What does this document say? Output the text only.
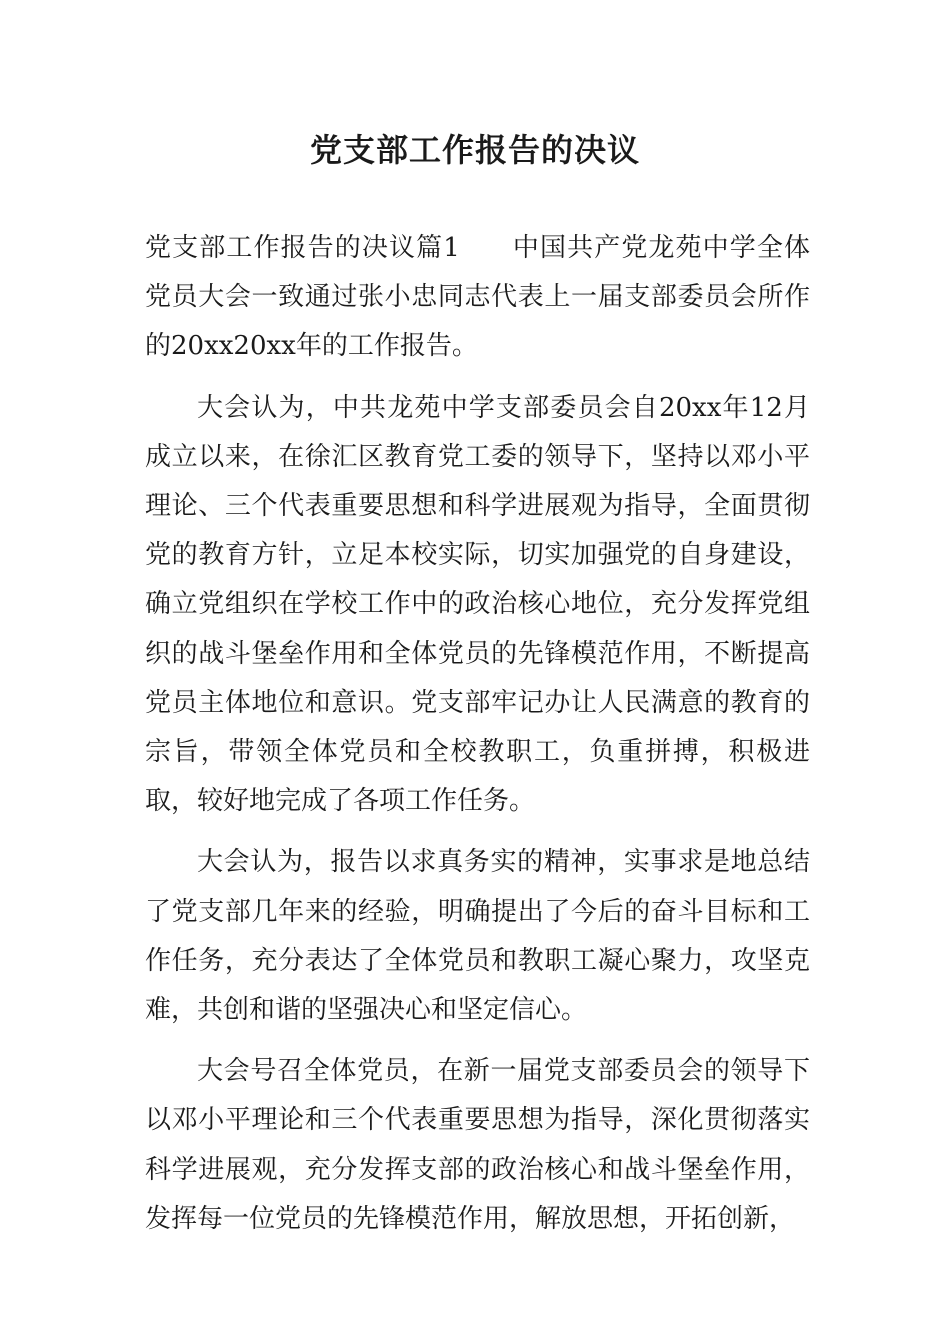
党支部工作报告的决议

党支部工作报告的决议篇1 中国共产党龙苑中学全体党员大会一致通过张小忠同志代表上一届支部委员会所作的20xx20xx年的工作报告。

大会认为，中共龙苑中学支部委员会自20xx年12月成立以来，在徐汇区教育党工委的领导下，坚持以邓小平理论、三个代表重要思想和科学进展观为指导，全面贯彻党的教育方针，立足本校实际，切实加强党的自身建设，确立党组织在学校工作中的政治核心地位，充分发挥党组织的战斗堡垒作用和全体党员的先锋模范作用，不断提高党员主体地位和意识。党支部牢记办让人民满意的教育的宗旨，带领全体党员和全校教职工，负重拼搏，积极进取，较好地完成了各项工作任务。

大会认为，报告以求真务实的精神，实事求是地总结了党支部几年来的经验，明确提出了今后的奋斗目标和工作任务，充分表达了全体党员和教职工凝心聚力，攻坚克难，共创和谐的坚强决心和坚定信心。

大会号召全体党员，在新一届党支部委员会的领导下以邓小平理论和三个代表重要思想为指导，深化贯彻落实科学进展观，充分发挥支部的政治核心和战斗堡垒作用，发挥每一位党员的先锋模范作用，解放思想，开拓创新，
